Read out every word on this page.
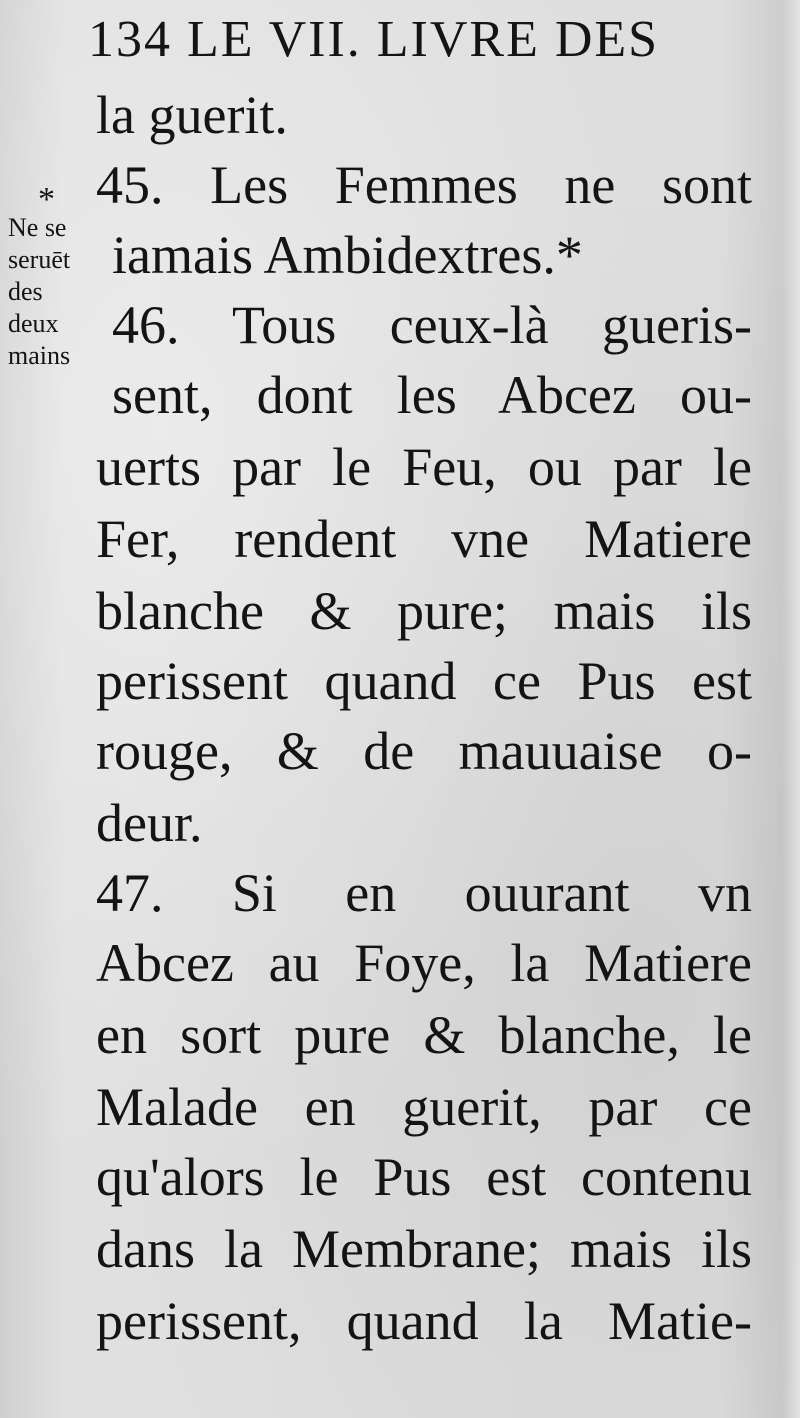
134 LE VII. LIVRE DES
*
Ne se
seruēt
des
deux
mains
la guerit.
45. Les Femmes ne sont
iamais Ambidextres.*
46. Tous ceux-là gueris-
sent, dont les Abcez ou-
uerts par le Feu, ou par le
Fer, rendent vne Matiere
blanche & pure; mais ils
perissent quand ce Pus est
rouge, & de mauuaise o-
deur.
47. Si en ouurant vn
Abcez au Foye, la Matiere
en sort pure & blanche, le
Malade en guerit, par ce
qu'alors le Pus est contenu
dans la Membrane; mais ils
perissent, quand la Matie-
